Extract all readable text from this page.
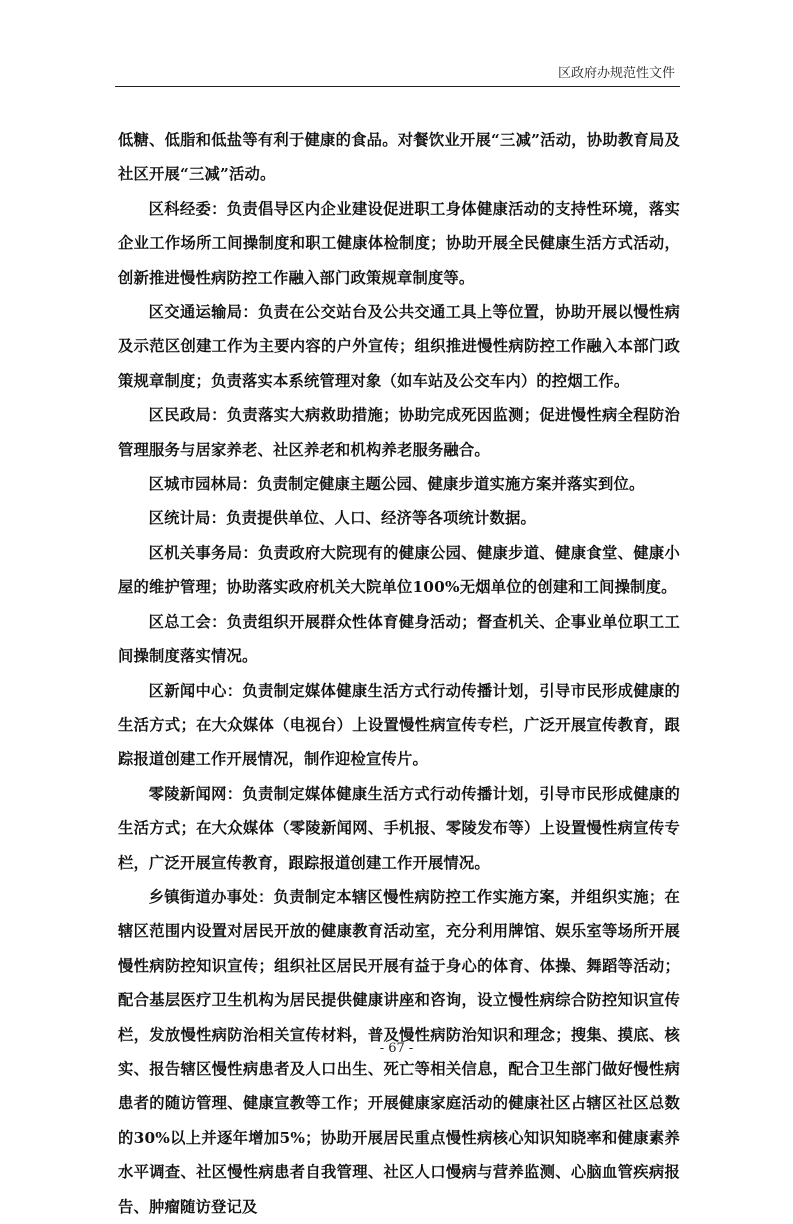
区政府办规范性文件

低糖、低脂和低盐等有利于健康的食品。对餐饮业开展“三减”活动，协助教育局及社区开展“三减”活动。

区科经委：负责倡导区内企业建设促进职工身体健康活动的支持性环境，落实企业工作场所工间操制度和职工健康体检制度；协助开展全民健康生活方式活动，创新推进慢性病防控工作融入部门政策规章制度等。

区交通运输局：负责在公交站台及公共交通工具上等位置，协助开展以慢性病及示范区创建工作为主要内容的户外宣传；组织推进慢性病防控工作融入本部门政策规章制度；负责落实本系统管理对象（如车站及公交车内）的控烟工作。

区民政局：负责落实大病救助措施；协助完成死因监测；促进慢性病全程防治管理服务与居家养老、社区养老和机构养老服务融合。

区城市园林局：负责制定健康主题公园、健康步道实施方案并落实到位。

区统计局：负责提供单位、人口、经济等各项统计数据。

区机关事务局：负责政府大院现有的健康公园、健康步道、健康食堂、健康小屋的维护管理；协助落实政府机关大院单位100%无烟单位的创建和工间操制度。

区总工会：负责组织开展群众性体育健身活动；督查机关、企事业单位职工工间操制度落实情况。

区新闻中心：负责制定媒体健康生活方式行动传播计划，引导市民形成健康的生活方式；在大众媒体（电视台）上设置慢性病宣传专栏，广泛开展宣传教育，跟踪报道创建工作开展情况，制作迎检宣传片。

零陵新闻网：负责制定媒体健康生活方式行动传播计划，引导市民形成健康的生活方式；在大众媒体（零陵新闻网、手机报、零陵发布等）上设置慢性病宣传专栏，广泛开展宣传教育，跟踪报道创建工作开展情况。

乡镇街道办事处：负责制定本辖区慢性病防控工作实施方案，并组织实施；在辖区范围内设置对居民开放的健康教育活动室，充分利用牌馆、娱乐室等场所开展慢性病防控知识宣传；组织社区居民开展有益于身心的体育、体操、舞蹈等活动；配合基层医疗卫生机构为居民提供健康讲座和咨询，设立慢性病综合防控知识宣传栏，发放慢性病防治相关宣传材料，普及慢性病防治知识和理念；搜集、摸底、核实、报告辖区慢性病患者及人口出生、死亡等相关信息，配合卫生部门做好慢性病患者的随访管理、健康宣教等工作；开展健康家庭活动的健康社区占辖区社区总数的30%以上并逐年增加5%；协助开展居民重点慢性病核心知识知晓率和健康素养水平调查、社区慢性病患者自我管理、社区人口慢病与营养监测、心脑血管疾病报告、肿瘤随访登记及

- 67 -
